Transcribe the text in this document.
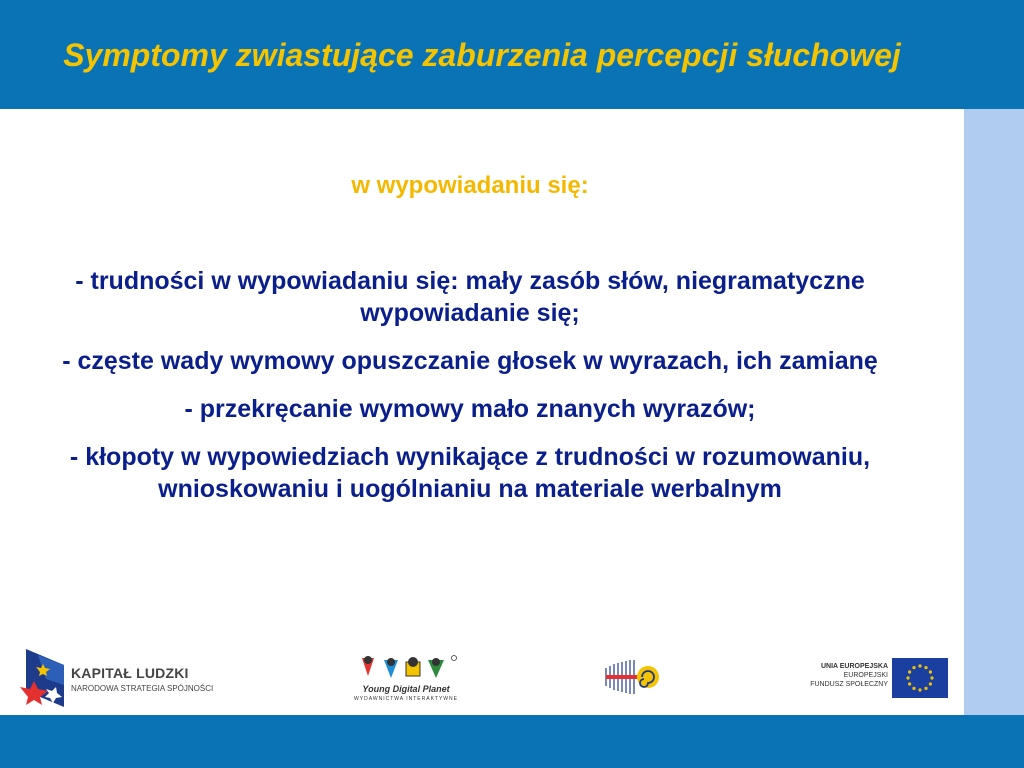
Symptomy zwiastujące zaburzenia percepcji słuchowej
w wypowiadaniu się:

- trudności w wypowiadaniu się: mały zasób słów, niegramatyczne wypowiadanie się;

- częste wady wymowy opuszczanie głosek w wyrazach, ich zamianę

- przekręcanie wymowy mało znanych wyrazów;

- kłopoty w wypowiedziach wynikające z trudności w rozumowaniu, wnioskowaniu i uogólnianiu na materiale werbalnym

KAPITAŁ LUDZKI
NARODOWA STRATEGIA SPÓJNOŚCI	Young Digital Planet
WYDAWNICTWA INTERAKTYWNE
UNIA EUROPEJSKA
EUROPEJSKI
FUNDUSZ SPOŁECZNY
